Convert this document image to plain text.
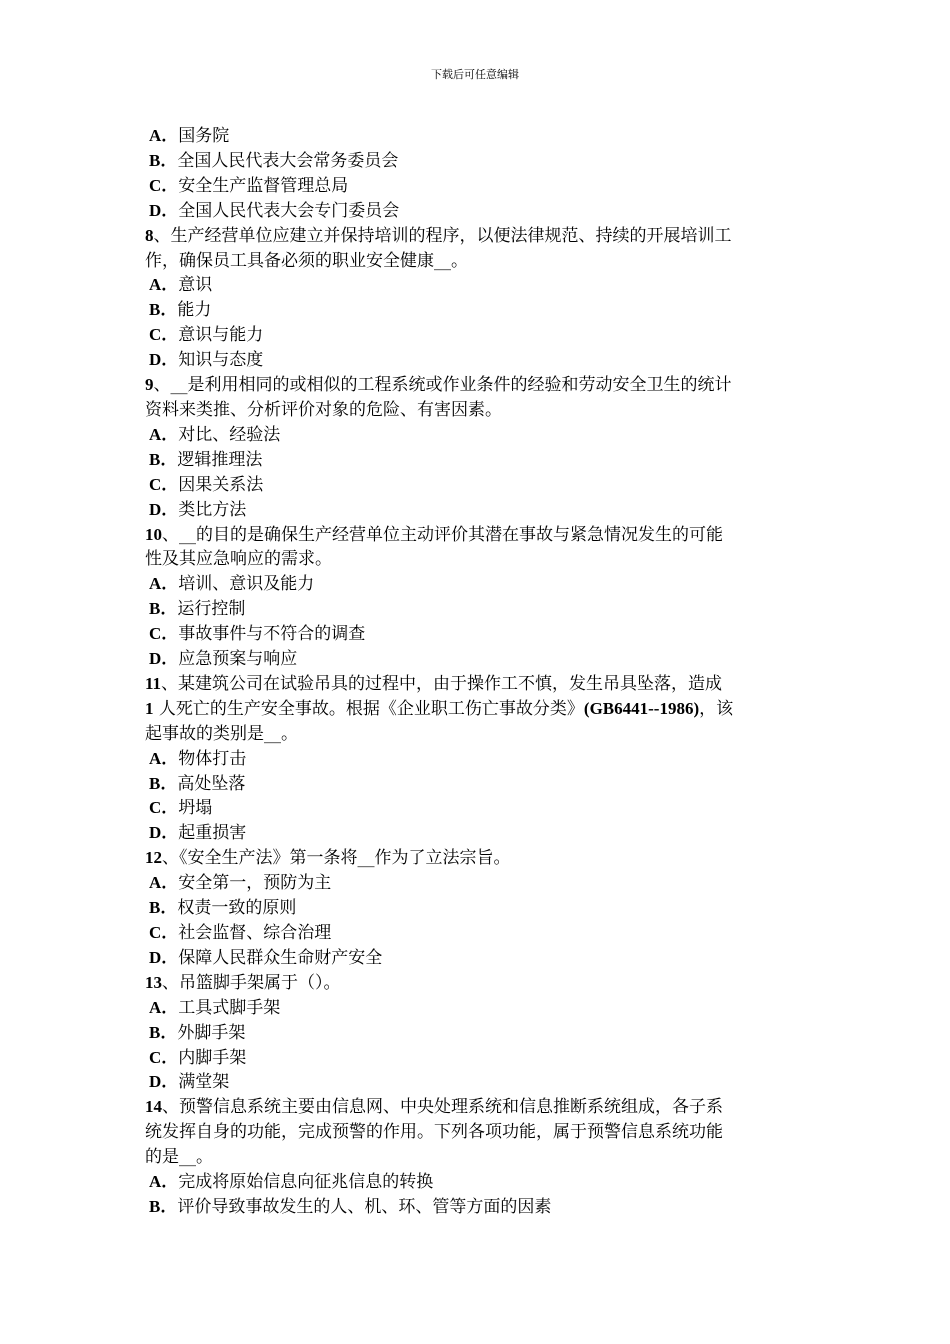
下载后可任意编辑
A．国务院
B．全国人民代表大会常务委员会
C．安全生产监督管理总局
D．全国人民代表大会专门委员会
8、生产经营单位应建立并保持培训的程序，以便法律规范、持续的开展培训工
作，确保员工具备必须的职业安全健康__。
A．意识
B．能力
C．意识与能力
D．知识与态度
9、__是利用相同的或相似的工程系统或作业条件的经验和劳动安全卫生的统计
资料来类推、分析评价对象的危险、有害因素。
A．对比、经验法
B．逻辑推理法
C．因果关系法
D．类比方法
10、__的目的是确保生产经营单位主动评价其潜在事故与紧急情况发生的可能
性及其应急响应的需求。
A．培训、意识及能力
B．运行控制
C．事故事件与不符合的调查
D．应急预案与响应
11、某建筑公司在试验吊具的过程中，由于操作工不慎，发生吊具坠落，造成
1 人死亡的生产安全事故。根据《企业职工伤亡事故分类》(GB6441--1986)，该
起事故的类别是__。
A．物体打击
B．高处坠落
C．坍塌
D．起重损害
12、《安全生产法》第一条将__作为了立法宗旨。
A．安全第一，预防为主
B．权责一致的原则
C．社会监督、综合治理
D．保障人民群众生命财产安全
13、吊篮脚手架属于（）。
A．工具式脚手架
B．外脚手架
C．内脚手架
D．满堂架
14、预警信息系统主要由信息网、中央处理系统和信息推断系统组成，各子系
统发挥自身的功能，完成预警的作用。下列各项功能，属于预警信息系统功能
的是__。
A．完成将原始信息向征兆信息的转换
B．评价导致事故发生的人、机、环、管等方面的因素
